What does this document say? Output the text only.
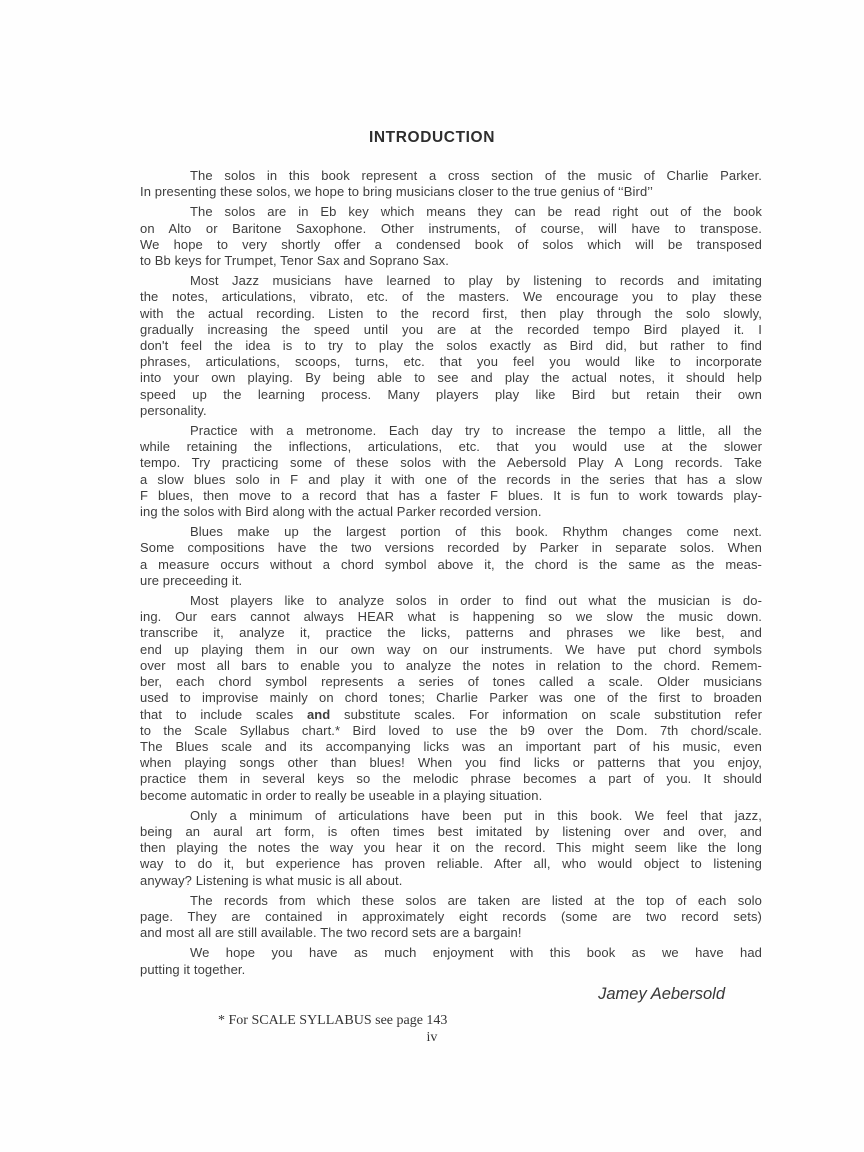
INTRODUCTION

The solos in this book represent a cross section of the music of Charlie Parker.
In presenting these solos, we hope to bring musicians closer to the true genius of ‘‘Bird’’

The solos are in Eb key which means they can be read right out of the book
on Alto or Baritone Saxophone. Other instruments, of course, will have to transpose.
We hope to very shortly offer a condensed book of solos which will be transposed
to Bb keys for Trumpet, Tenor Sax and Soprano Sax.

Most Jazz musicians have learned to play by listening to records and imitating
the notes, articulations, vibrato, etc. of the masters. We encourage you to play these
with the actual recording. Listen to the record first, then play through the solo slowly,
gradually increasing the speed until you are at the recorded tempo Bird played it. I
don't feel the idea is to try to play the solos exactly as Bird did, but rather to find
phrases, articulations, scoops, turns, etc. that you feel you would like to incorporate
into your own playing. By being able to see and play the actual notes, it should help
speed up the learning process. Many players play like Bird but retain their own
personality.

Practice with a metronome. Each day try to increase the tempo a little, all the
while retaining the inflections, articulations, etc. that you would use at the slower
tempo. Try practicing some of these solos with the Aebersold Play A Long records. Take
a slow blues solo in F and play it with one of the records in the series that has a slow
F blues, then move to a record that has a faster F blues. It is fun to work towards play-
ing the solos with Bird along with the actual Parker recorded version.

Blues make up the largest portion of this book. Rhythm changes come next.
Some compositions have the two versions recorded by Parker in separate solos. When
a measure occurs without a chord symbol above it, the chord is the same as the meas-
ure preceeding it.

Most players like to analyze solos in order to find out what the musician is do-
ing. Our ears cannot always HEAR what is happening so we slow the music down.
transcribe it, analyze it, practice the licks, patterns and phrases we like best, and
end up playing them in our own way on our instruments. We have put chord symbols
over most all bars to enable you to analyze the notes in relation to the chord. Remem-
ber, each chord symbol represents a series of tones called a scale. Older musicians
used to improvise mainly on chord tones; Charlie Parker was one of the first to broaden
that to include scales and substitute scales. For information on scale substitution refer
to the Scale Syllabus chart.* Bird loved to use the b9 over the Dom. 7th chord/scale.
The Blues scale and its accompanying licks was an important part of his music, even
when playing songs other than blues! When you find licks or patterns that you enjoy,
practice them in several keys so the melodic phrase becomes a part of you. It should
become automatic in order to really be useable in a playing situation.

Only a minimum of articulations have been put in this book. We feel that jazz,
being an aural art form, is often times best imitated by listening over and over, and
then playing the notes the way you hear it on the record. This might seem like the long
way to do it, but experience has proven reliable. After all, who would object to listening
anyway? Listening is what music is all about.

The records from which these solos are taken are listed at the top of each solo
page. They are contained in approximately eight records (some are two record sets)
and most all are still available. The two record sets are a bargain!

We hope you have as much enjoyment with this book as we have had
putting it together.

Jamey Aebersold
* For SCALE SYLLABUS see page 143
iv
